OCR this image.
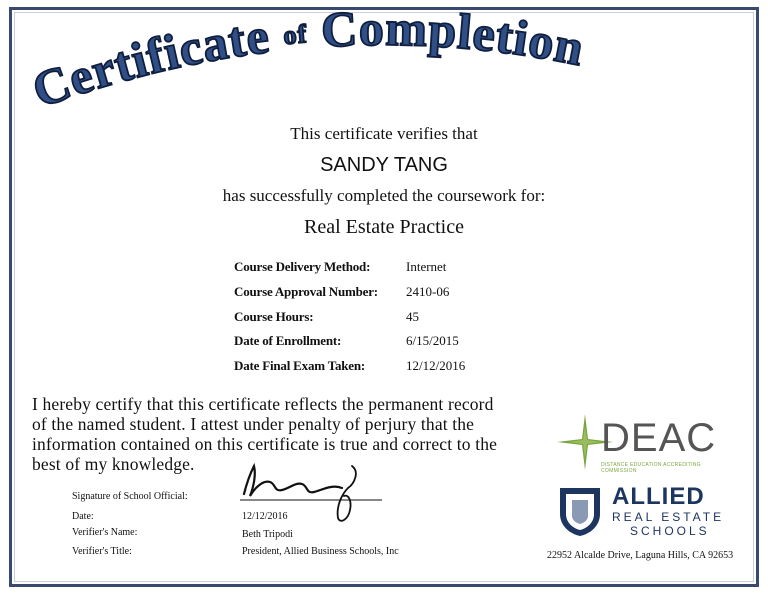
Certificate of Completion
This certificate verifies that
SANDY TANG
has successfully completed the coursework for:
Real Estate Practice
Course Delivery Method:	Internet
Course Approval Number: 2410-06
Course Hours:	45
Date of Enrollment:	6/15/2015
Date Final Exam Taken:	12/12/2016
I hereby certify that this certificate reflects the permanent record
of the named student. I attest under penalty of perjury that the
information contained on this certificate is true and correct to the
best of my knowledge.
Signature of School Official:
Date:	12/12/2016
Verifier's Name:	Beth Tripodi
Verifier's Title:	President, Allied Business Schools, Inc
DEAC
DISTANCE EDUCATION ACCREDITING COMMISSION
ALLIED
REAL ESTATE
SCHOOLS
22952 Alcalde Drive, Laguna Hills, CA 92653
